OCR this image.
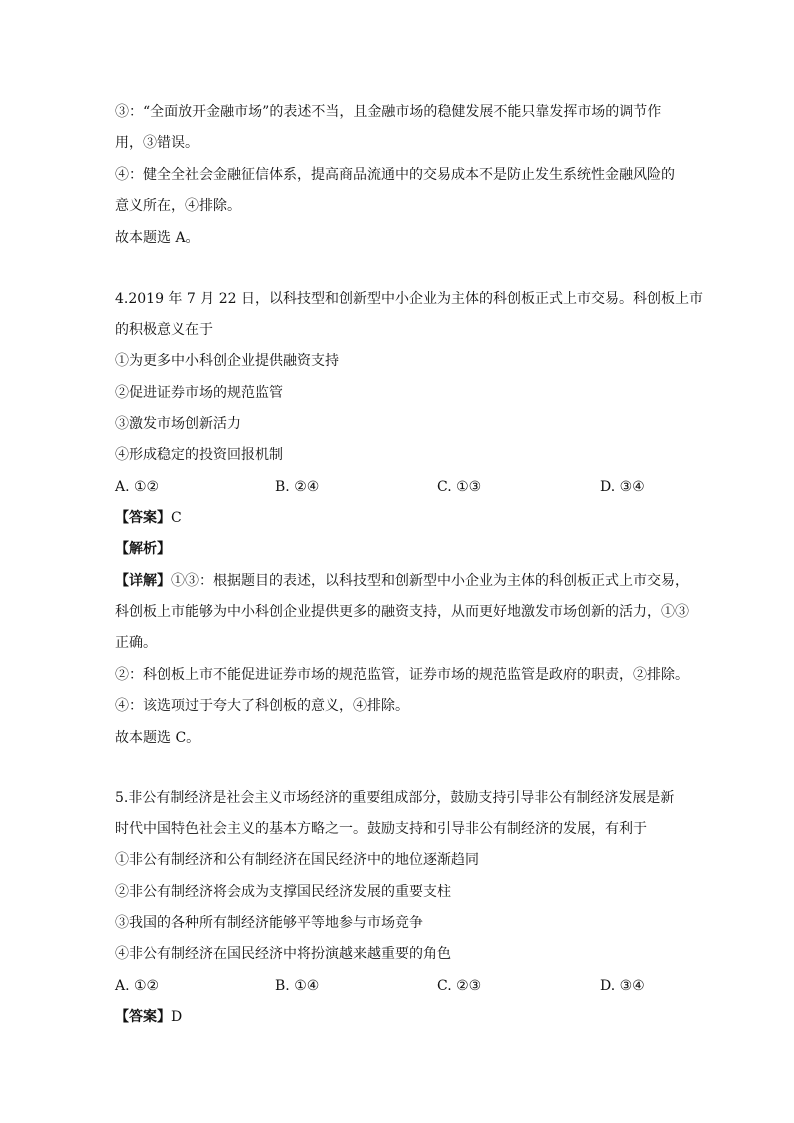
③：“全面放开金融市场”的表述不当，且金融市场的稳健发展不能只靠发挥市场的调节作
用，③错误。
④：健全全社会金融征信体系，提高商品流通中的交易成本不是防止发生系统性金融风险的
意义所在，④排除。
故本题选 A。
4.2019 年 7 月 22 日，以科技型和创新型中小企业为主体的科创板正式上市交易。科创板上市
的积极意义在于
①为更多中小科创企业提供融资支持
②促进证券市场的规范监管
③激发市场创新活力
④形成稳定的投资回报机制
A. ①②	B. ②④	C. ①③	D. ③④
【答案】C
【解析】
【详解】①③：根据题目的表述，以科技型和创新型中小企业为主体的科创板正式上市交易，
科创板上市能够为中小科创企业提供更多的融资支持，从而更好地激发市场创新的活力，①③
正确。
②：科创板上市不能促进证券市场的规范监管，证券市场的规范监管是政府的职责，②排除。
④：该选项过于夸大了科创板的意义，④排除。
故本题选 C。
5.非公有制经济是社会主义市场经济的重要组成部分，鼓励支持引导非公有制经济发展是新
时代中国特色社会主义的基本方略之一。鼓励支持和引导非公有制经济的发展，有利于
①非公有制经济和公有制经济在国民经济中的地位逐渐趋同
②非公有制经济将会成为支撑国民经济发展的重要支柱
③我国的各种所有制经济能够平等地参与市场竞争
④非公有制经济在国民经济中将扮演越来越重要的角色
A. ①②	B. ①④	C. ②③	D. ③④
【答案】D
